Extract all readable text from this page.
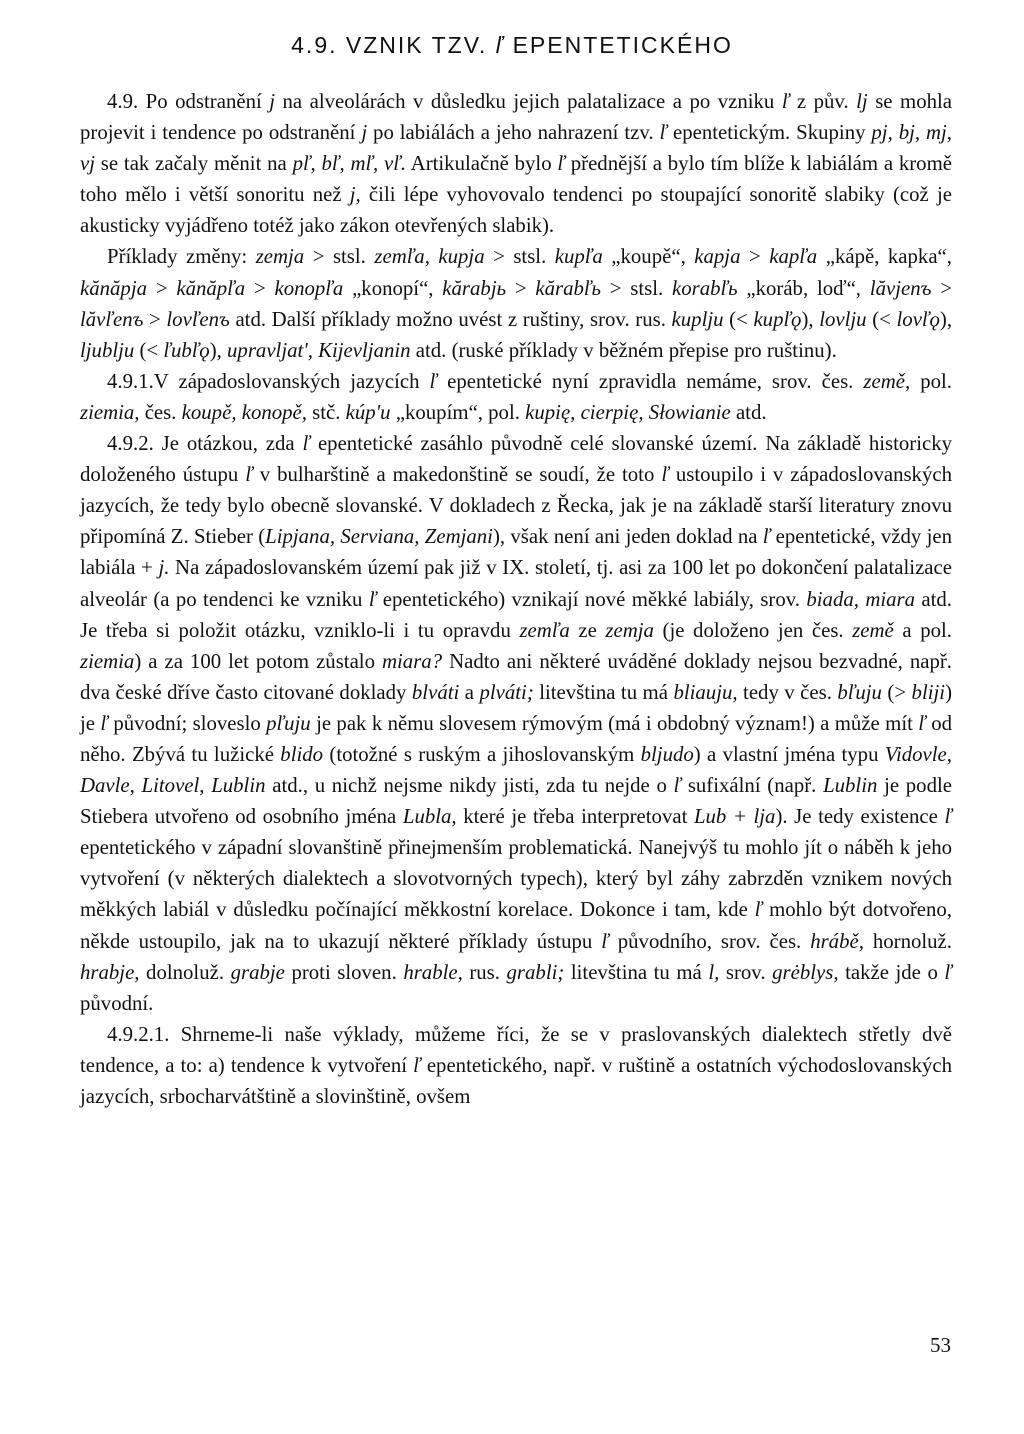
4.9. VZNIK TZV. ľ EPENTETICKÉHO

4.9. Po odstranění j na alveolárách v důsledku jejich palatalizace a po vzniku ľ z pův. lj se mohla projevit i tendence po odstranění j po labiálách a jeho nahrazení tzv. ľ epentetickým. Skupiny pj, bj, mj, vj se tak začaly měnit na pľ, bľ, mľ, vľ. Artikulačně bylo ľ přednější a bylo tím blíže k labiálám a kromě toho mělo i větší sonoritu než j, čili lépe vyhovovalo tendenci po stoupající sonoritě slabiky (což je akusticky vyjádřeno totéž jako zákon otevřených slabik).

Příklady změny: zemja > stsl. zemľa, kupja > stsl. kupľa „koupě“, kapja > kapľa „kápě, kapka“, kănăpja > kănăpľa > konopľa „konopí“, kărabjь > kărabľь > stsl. korabľь „koráb, loď“, lăvjenъ > lăvľenъ > lovľenъ atd. Další příklady možno uvést z ruštiny, srov. rus. kuplju (< kupľǫ), lovlju (< lovľǫ), ljublju (< ľubľǫ), upravljat', Kijevljanin atd. (ruské příklady v běžném přepise pro ruštinu).

4.9.1.V západoslovanských jazycích ľ epentetické nyní zpravidla nemáme, srov. čes. země, pol. ziemia, čes. koupě, konopě, stč. kúp'u „koupím“, pol. kupię, cierpię, Słowianie atd.

4.9.2. Je otázkou, zda ľ epentetické zasáhlo původně celé slovanské území. Na základě historicky doloženého ústupu ľ v bulharštině a makedonštině se soudí, že toto ľ ustoupilo i v západoslovanských jazycích, že tedy bylo obecně slovanské. V dokladech z Řecka, jak je na základě starší literatury znovu připomíná Z. Stieber (Lipjana, Serviana, Zemjani), však není ani jeden doklad na ľ epentetické, vždy jen labiála + j. Na západoslovanském území pak již v IX. století, tj. asi za 100 let po dokončení palatalizace alveolár (a po tendenci ke vzniku ľ epentetického) vznikají nové měkké labiály, srov. biada, miara atd. Je třeba si položit otázku, vzniklo-li i tu opravdu zemľa ze zemja (je doloženo jen čes. země a pol. ziemia) a za 100 let potom zůstalo miara? Nadto ani některé uváděné doklady nejsou bezvadné, např. dva české dříve často citované doklady blváti a plváti; litevština tu má bliauju, tedy v čes. bľuju (> bliji) je ľ původní; sloveslo pľuju je pak k němu slovesem rýmovým (má i obdobný význam!) a může mít ľ od něho. Zbývá tu lužické blido (totožné s ruským a jihoslovanským bljudo) a vlastní jména typu Vidovle, Davle, Litovel, Lublin atd., u nichž nejsme nikdy jisti, zda tu nejde o ľ sufixální (např. Lublin je podle Stiebera utvořeno od osobního jména Lubla, které je třeba interpretovat Lub + lja). Je tedy existence ľ epentetického v západní slovanštině přinejmenším problematická. Nanejvýš tu mohlo jít o náběh k jeho vytvoření (v některých dialektech a slovotvorných typech), který byl záhy zabrzděn vznikem nových měkkých labiál v důsledku počínající měkkostní korelace. Dokonce i tam, kde ľ mohlo být dotvořeno, někde ustoupilo, jak na to ukazují některé příklady ústupu ľ původního, srov. čes. hrábě, hornoluž. hrabje, dolnoluž. grabje proti sloven. hrable, rus. grabli; litevština tu má l, srov. grėblys, takže jde o ľ původní.

4.9.2.1. Shrneme-li naše výklady, můžeme říci, že se v praslovanských dialektech střetly dvě tendence, a to: a) tendence k vytvoření ľ epentetického, např. v ruštině a ostatních východoslovanských jazycích, srbocharvátštině a slovinštině, ovšem

53
